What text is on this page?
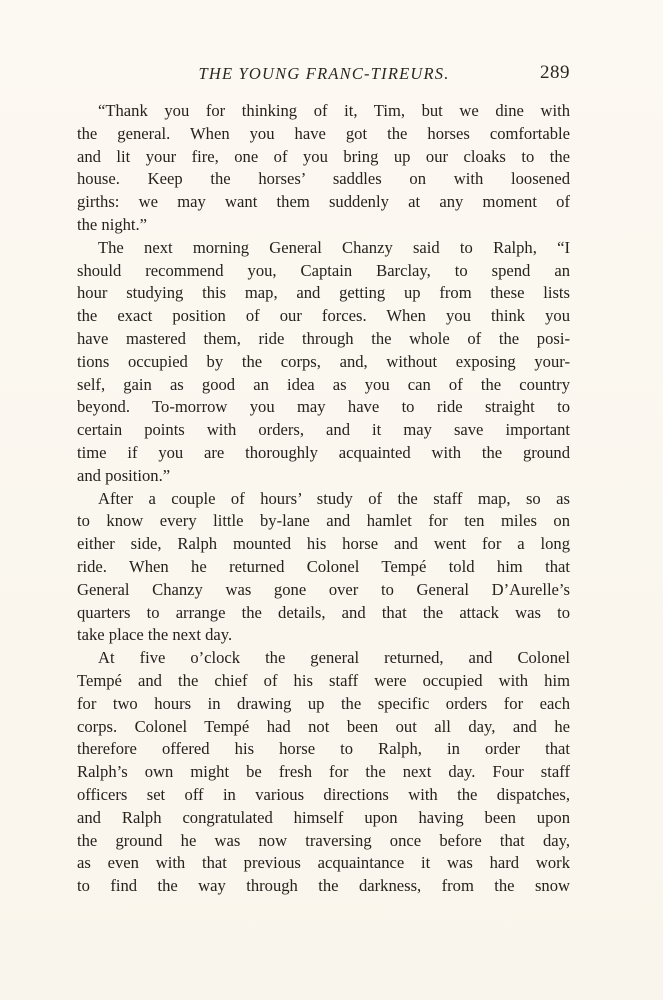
THE YOUNG FRANC-TIREURS.	289
“Thank you for thinking of it, Tim, but we dine with
the general. When you have got the horses comfortable
and lit your fire, one of you bring up our cloaks to the
house. Keep the horses’ saddles on with loosened
girths: we may want them suddenly at any moment of
the night.”
The next morning General Chanzy said to Ralph, “I
should recommend you, Captain Barclay, to spend an
hour studying this map, and getting up from these lists
the exact position of our forces. When you think you
have mastered them, ride through the whole of the posi-
tions occupied by the corps, and, without exposing your-
self, gain as good an idea as you can of the country
beyond. To-morrow you may have to ride straight to
certain points with orders, and it may save important
time if you are thoroughly acquainted with the ground
and position.”
After a couple of hours’ study of the staff map, so as
to know every little by-lane and hamlet for ten miles on
either side, Ralph mounted his horse and went for a long
ride. When he returned Colonel Tempé told him that
General Chanzy was gone over to General D’Aurelle’s
quarters to arrange the details, and that the attack was to
take place the next day.
At five o’clock the general returned, and Colonel
Tempé and the chief of his staff were occupied with him
for two hours in drawing up the specific orders for each
corps. Colonel Tempé had not been out all day, and he
therefore offered his horse to Ralph, in order that
Ralph’s own might be fresh for the next day. Four staff
officers set off in various directions with the dispatches,
and Ralph congratulated himself upon having been upon
the ground he was now traversing once before that day,
as even with that previous acquaintance it was hard work
to find the way through the darkness, from the snow
